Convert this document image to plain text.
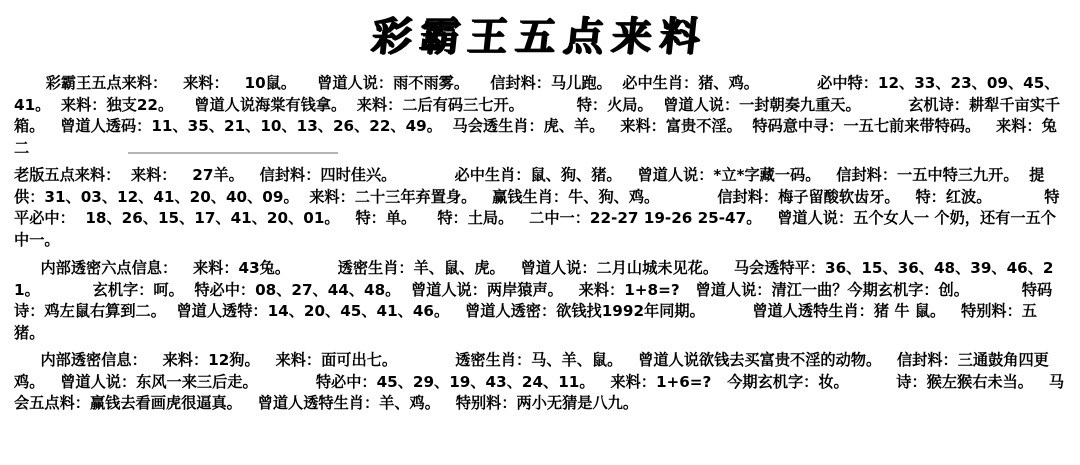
彩霸王五点来料
彩霸王五点来料：   来料：   10鼠。    曾道人说：雨不雨雾。    信封料：马儿跑。  必中生肖：猪、鸡。           必中特：12、33、23、09、45、41。  来料：独支22。    曾道人说海棠有钱拿。  来料：二后有码三七开。          特：火局。  曾道人说：一封朝奏九重天。         玄机诗：耕犁千亩实千箱。   曾道人透码：11、35、21、10、13、26、22、49。  马会透生肖：虎、羊。   来料：富贵不淫。  特码意中寻：一五七前来带特码。   来料：兔二
老版五点来料：  来料：   27羊。   信封料：四时佳兴。           必中生肖：鼠、狗、猪。   曾道人说：*立*字藏一码。   信封料：一五中特三九开。  提供：31、03、12、41、20、40、09。  来料：二十三年弃置身。   赢钱生肖：牛、狗、鸡。           信封料：梅子留酸软齿牙。   特：红波。          特平必中：  18、26、15、17、41、20、01。   特：单。    特：土局。   二中一：22-27 19-26 25-47。   曾道人说：五个女人一 个奶，还有一五个中一。
内部透密六点信息：   来料：43兔。         透密生肖：羊、鼠、虎。   曾道人说：二月山城未见花。   马会透特平：36、15、36、48、39、46、21。          玄机字：呵。  特必中：08、27、44、48。  曾道人说：两岸猿声。   来料：1+8=?   曾道人说：清江一曲？今期玄机字：创。          特码诗：鸡左鼠右算到二。  曾道人透特：14、20、45、41、46。   曾道人透密：欲钱找1992年同期。         曾道人透特生肖：猪 牛 鼠。   特别料：五猪。
内部透密信息：   来料：12狗。   来料：面可出七。           透密生肖：马、羊、鼠。   曾道人说欲钱去买富贵不淫的动物。   信封料：三通鼓角四更鸡。   曾道人说：东风一来三后走。           特必中：45、29、19、43、24、11。   来料：1+6=?   今期玄机字：妆。         诗：猴左猴右未当。   马会五点料：赢钱去看画虎很逼真。   曾道人透特生肖：羊、鸡。   特别料：两小无猜是八九。
